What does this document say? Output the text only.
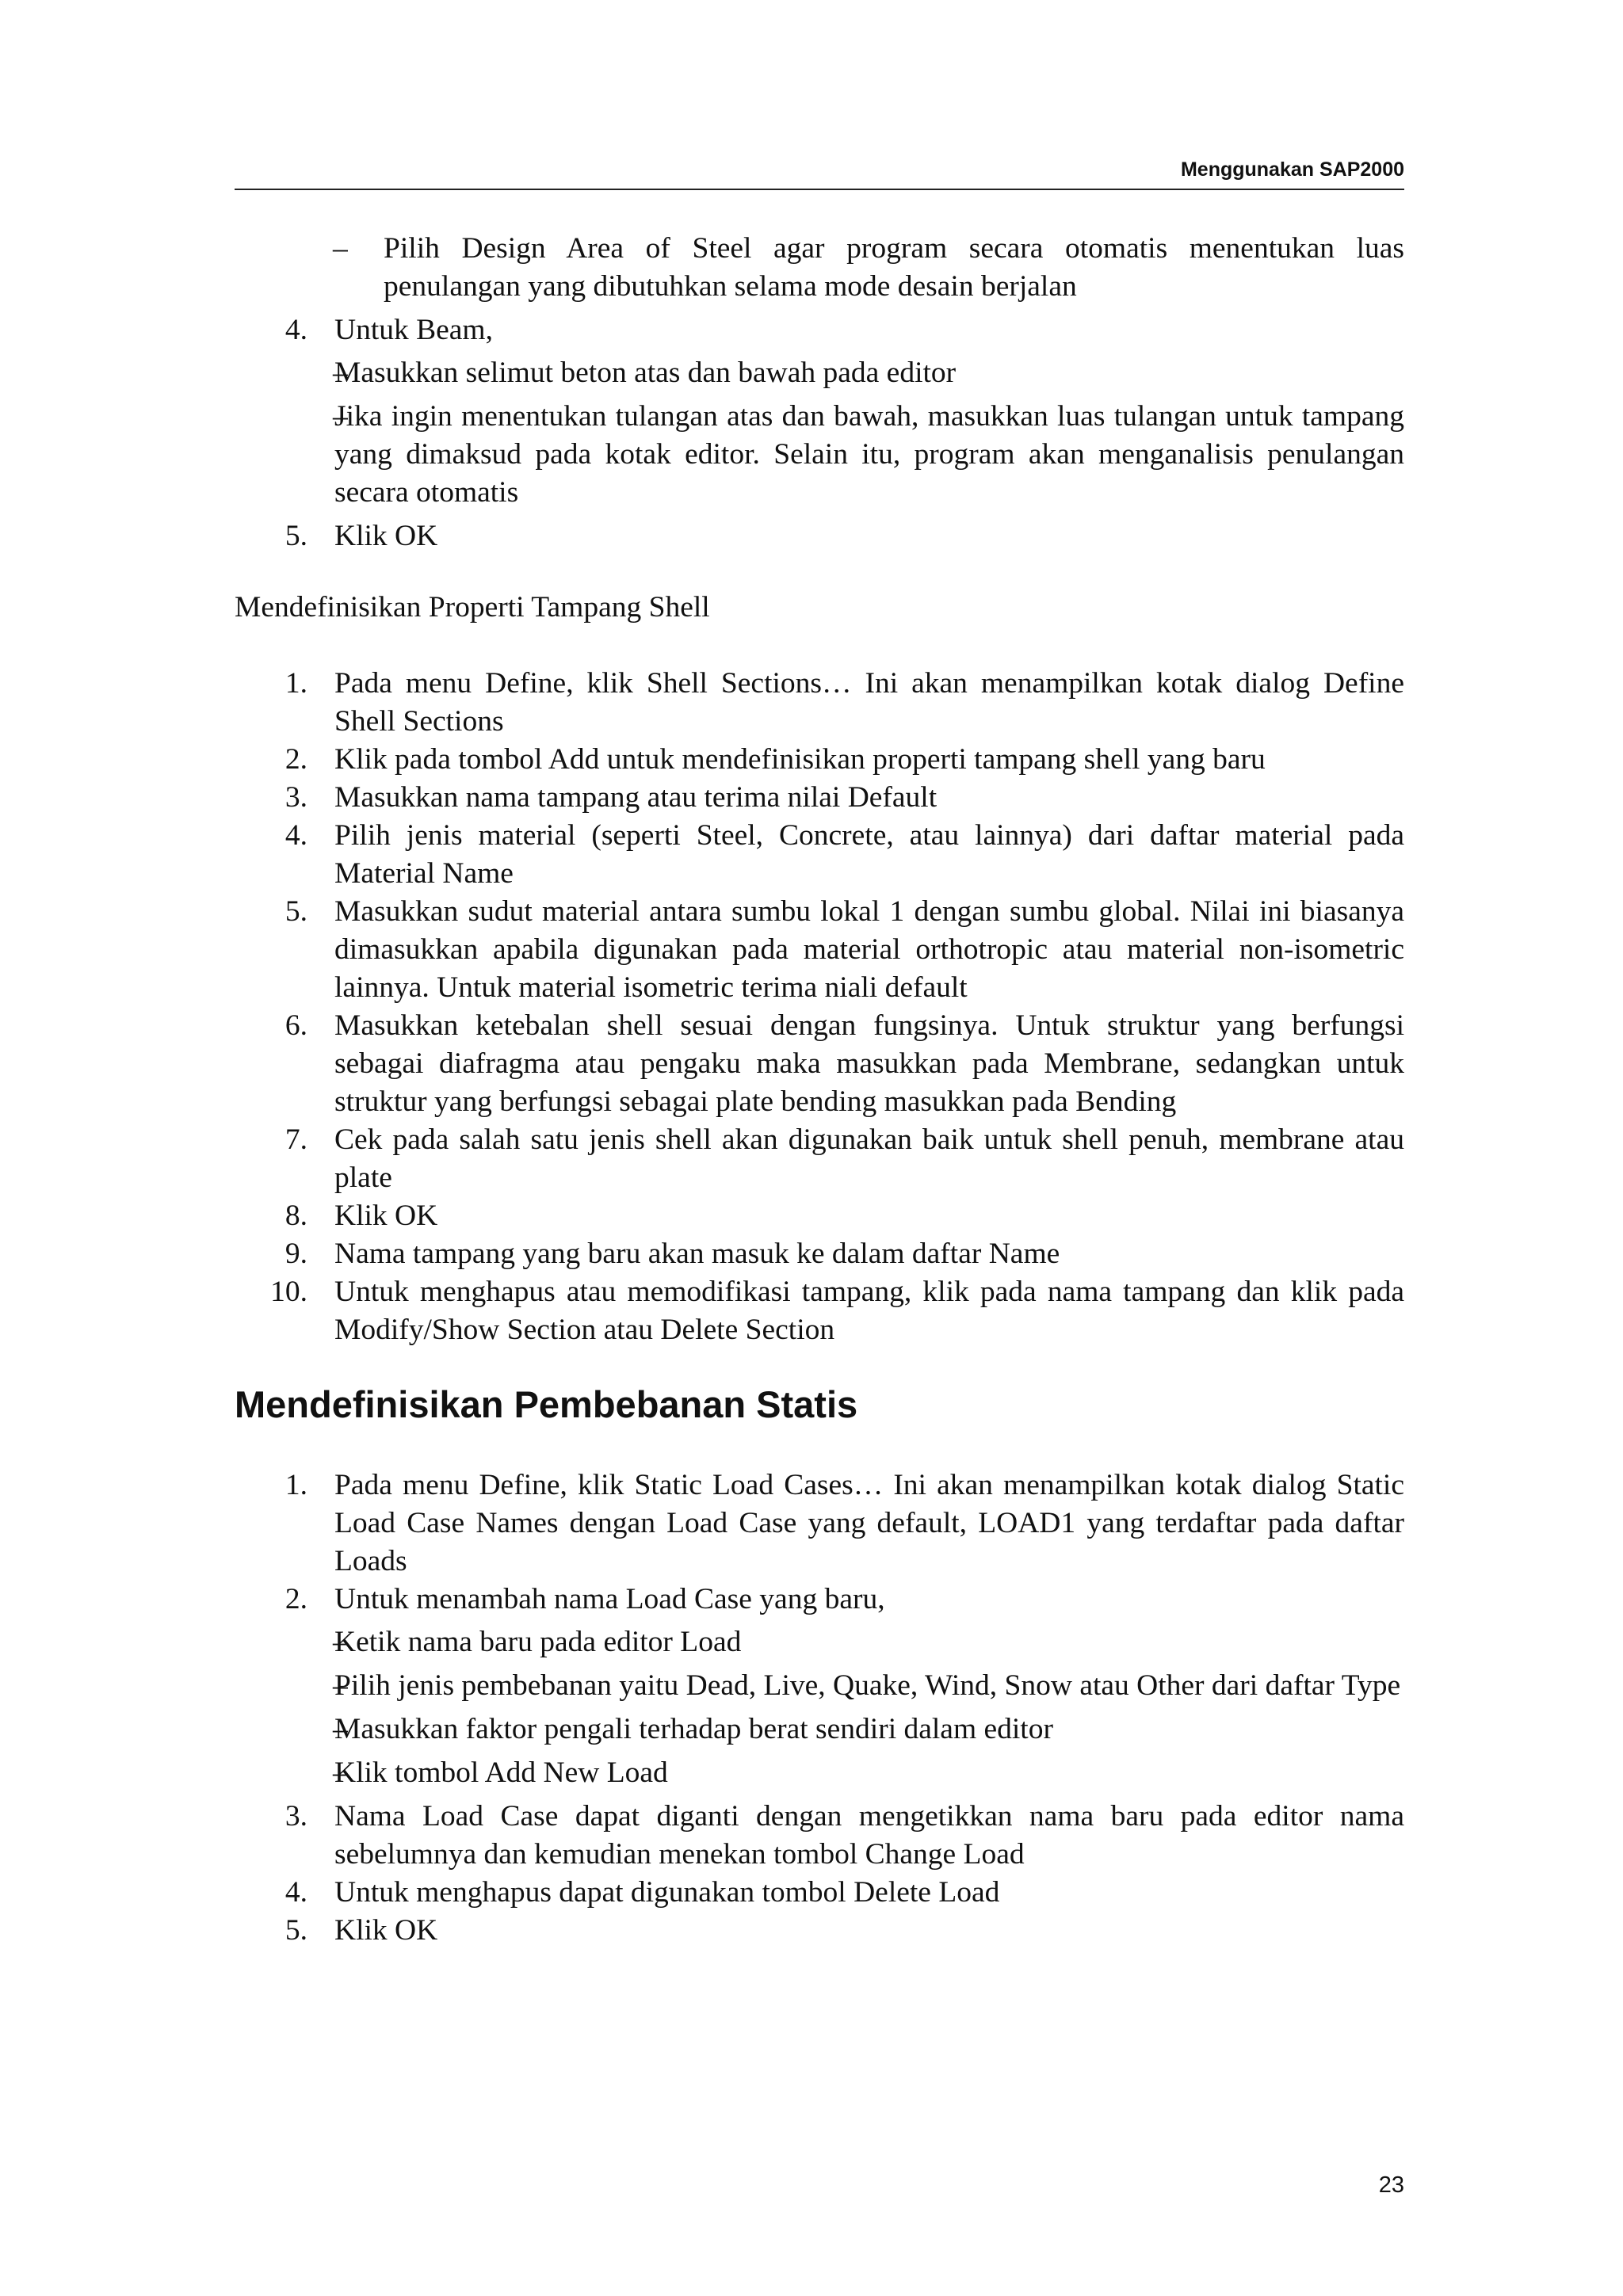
Menggunakan SAP2000
– Pilih Design Area of Steel agar program secara otomatis menentukan luas penulangan yang dibutuhkan selama mode desain berjalan
4. Untuk Beam,
– Masukkan selimut beton atas dan bawah pada editor
– Jika ingin menentukan tulangan atas dan bawah, masukkan luas tulangan untuk tampang yang dimaksud pada kotak editor. Selain itu, program akan menganalisis penulangan secara otomatis
5. Klik OK
Mendefinisikan Properti Tampang Shell
1. Pada menu Define, klik Shell Sections… Ini akan menampilkan kotak dialog Define Shell Sections
2. Klik pada tombol Add untuk mendefinisikan properti tampang shell yang baru
3. Masukkan nama tampang atau terima nilai Default
4. Pilih jenis material (seperti Steel, Concrete, atau lainnya) dari daftar material pada Material Name
5. Masukkan sudut material antara sumbu lokal 1 dengan sumbu global. Nilai ini biasanya dimasukkan apabila digunakan pada material orthotropic atau material non-isometric lainnya. Untuk material isometric terima niali default
6. Masukkan ketebalan shell sesuai dengan fungsinya. Untuk struktur yang berfungsi sebagai diafragma atau pengaku maka masukkan pada Membrane, sedangkan untuk struktur yang berfungsi sebagai plate bending masukkan pada Bending
7. Cek pada salah satu jenis shell akan digunakan baik untuk shell penuh, membrane atau plate
8. Klik OK
9. Nama tampang yang baru akan masuk ke dalam daftar Name
10. Untuk menghapus atau memodifikasi tampang, klik pada nama tampang dan klik pada Modify/Show Section atau Delete Section
Mendefinisikan Pembebanan Statis
1. Pada menu Define, klik Static Load Cases… Ini akan menampilkan kotak dialog Static Load Case Names dengan Load Case yang default, LOAD1 yang terdaftar pada daftar Loads
2. Untuk menambah nama Load Case yang baru,
– Ketik nama baru pada editor Load
– Pilih jenis pembebanan yaitu Dead, Live, Quake, Wind, Snow atau Other dari daftar Type
– Masukkan faktor pengali terhadap berat sendiri dalam editor
– Klik tombol Add New Load
3. Nama Load Case dapat diganti dengan mengetikkan nama baru pada editor nama sebelumnya dan kemudian menekan tombol Change Load
4. Untuk menghapus dapat digunakan tombol Delete Load
5. Klik OK
23
